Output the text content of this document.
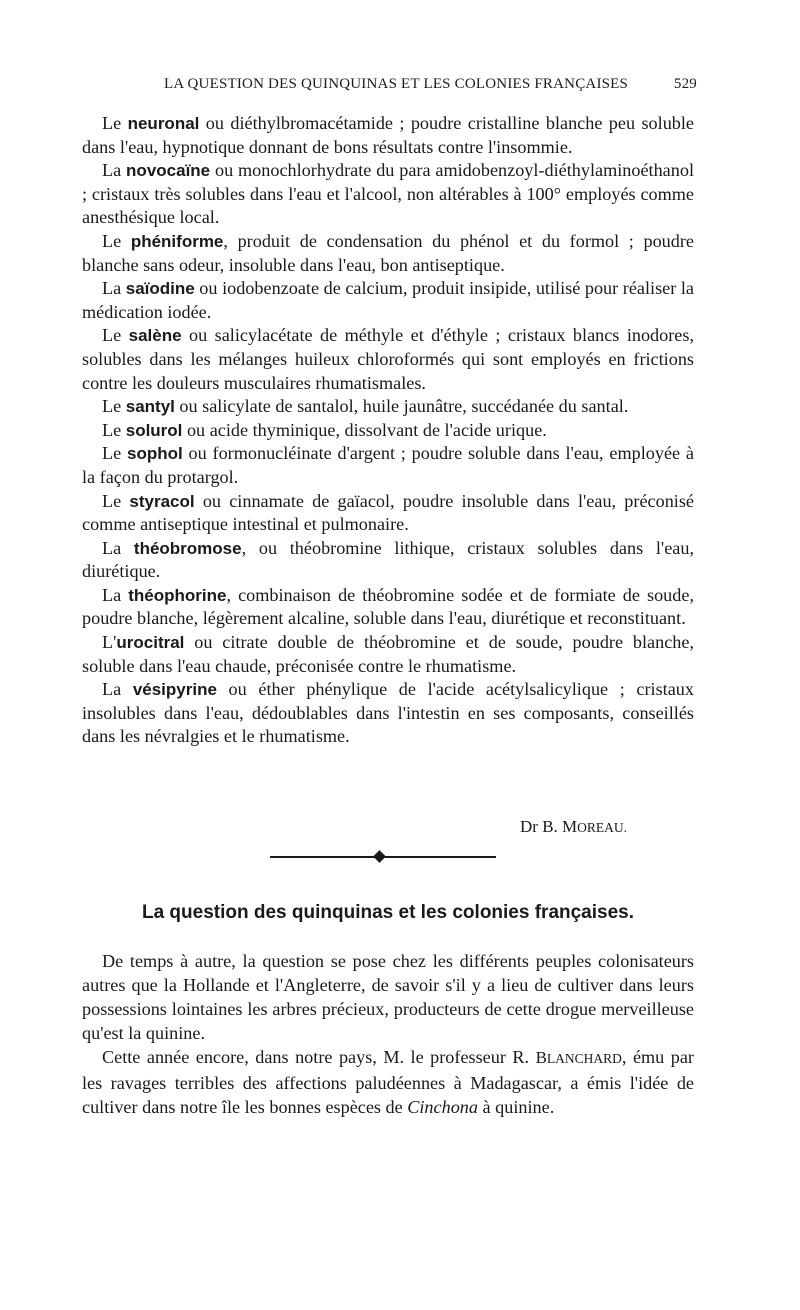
LA QUESTION DES QUINQUINAS ET LES COLONIES FRANÇAISES	529

Le neuronal ou diéthylbromacétamide ; poudre cristalline blanche peu soluble dans l'eau, hypnotique donnant de bons résultats contre l'insommie.

La novocaïne ou monochlorhydrate du para amidobenzoyl-diéthylaminoéthanol ; cristaux très solubles dans l'eau et l'alcool, non altérables à 100° employés comme anesthésique local.

Le phéniforme, produit de condensation du phénol et du formol ; poudre blanche sans odeur, insoluble dans l'eau, bon antiseptique.

La saïodine ou iodobenzoate de calcium, produit insipide, utilisé pour réaliser la médication iodée.

Le salène ou salicylacétate de méthyle et d'éthyle ; cristaux blancs inodores, solubles dans les mélanges huileux chloroformés qui sont employés en frictions contre les douleurs musculaires rhumatismales.

Le santyl ou salicylate de santalol, huile jaunâtre, succédanée du santal.

Le solurol ou acide thyminique, dissolvant de l'acide urique.

Le sophol ou formonucléinate d'argent ; poudre soluble dans l'eau, employée à la façon du protargol.

Le styracol ou cinnamate de gaïacol, poudre insoluble dans l'eau, préconisé comme antiseptique intestinal et pulmonaire.

La théobromose, ou théobromine lithique, cristaux solubles dans l'eau, diurétique.

La théophorine, combinaison de théobromine sodée et de formiate de soude, poudre blanche, légèrement alcaline, soluble dans l'eau, diurétique et reconstituant.

L'urocitral ou citrate double de théobromine et de soude, poudre blanche, soluble dans l'eau chaude, préconisée contre le rhumatisme.

La vésipyrine ou éther phénylique de l'acide acétylsalicylique ; cristaux insolubles dans l'eau, dédoublables dans l'intestin en ses composants, conseillés dans les névralgies et le rhumatisme.

Dr B. MOREAU.
La question des quinquinas et les colonies françaises.

De temps à autre, la question se pose chez les différents peuples colonisateurs autres que la Hollande et l'Angleterre, de savoir s'il y a lieu de cultiver dans leurs possessions lointaines les arbres précieux, producteurs de cette drogue merveilleuse qu'est la quinine.

Cette année encore, dans notre pays, M. le professeur R. BLANCHARD, ému par les ravages terribles des affections paludéennes à Madagascar, a émis l'idée de cultiver dans notre île les bonnes espèces de Cinchona à quinine.
